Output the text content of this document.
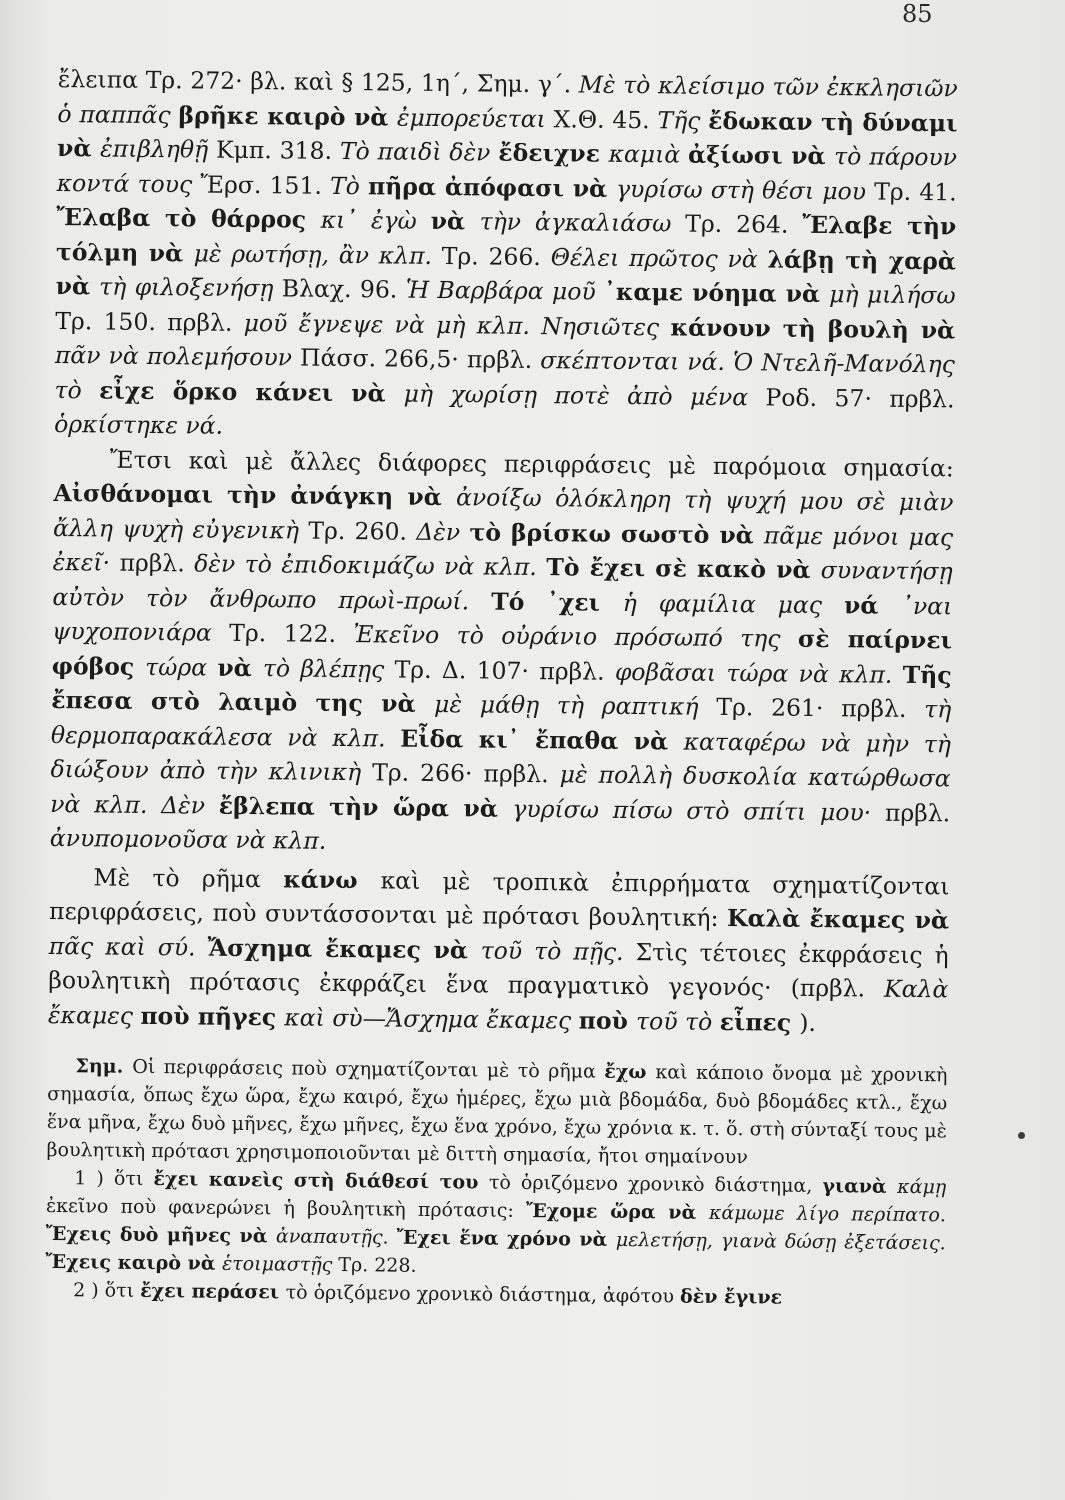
85

ἔλειπα Τρ. 272· βλ. καὶ § 125, 1η΄, Σημ. γ΄. Μὲ τὸ κλείσιμο τῶν ἐκκλησιῶν ὁ παππᾶς βρῆκε καιρὸ νὰ ἐμπορεύεται Χ.Θ. 45. Τῆς ἔδωκαν τὴ δύναμι νὰ ἐπιβληθῇ Κμπ. 318. Τὸ παιδὶ δὲν ἔδειχνε καμιὰ ἀξίωσι νὰ τὸ πάρουν κοντά τους Ἔρσ. 151. Τὸ πῆρα ἀπόφασι νὰ γυρίσω στὴ θέσι μου Τρ. 41. Ἔλαβα τὸ θάρρος κι᾿ ἐγὼ νὰ τὴν ἀγκαλιάσω Τρ. 264. Ἔλαβε τὴν τόλμη νὰ μὲ ρωτήσῃ, ἂν κλπ. Τρ. 266. Θέλει πρῶτος νὰ λάβῃ τὴ χαρὰ νὰ τὴ φιλοξενήσῃ Βλαχ. 96. Ἡ Βαρβάρα μοῦ ᾿καμε νόημα νὰ μὴ μιλήσω Τρ. 150. πρβλ. μοῦ ἔγνεψε νὰ μὴ κλπ. Νησιῶτες κάνουν τὴ βουλὴ νὰ πᾶν νὰ πολεμήσουν Πάσσ. 266,5· πρβλ. σκέπτονται νά. Ὁ Ντελῆ-Μανόλης τὸ εἶχε ὅρκο κάνει νὰ μὴ χωρίσῃ ποτὲ ἀπὸ μένα Ροδ. 57· πρβλ. ὁρκίστηκε νά.

Ἔτσι καὶ μὲ ἄλλες διάφορες περιφράσεις μὲ παρόμοια σημασία: Αἰσθάνομαι τὴν ἀνάγκη νὰ ἀνοίξω ὁλόκληρη τὴ ψυχή μου σὲ μιὰν ἄλλη ψυχὴ εὐγενικὴ Τρ. 260. Δὲν τὸ βρίσκω σωστὸ νὰ πᾶμε μόνοι μας ἐκεῖ· πρβλ. δὲν τὸ ἐπιδοκιμάζω νὰ κλπ. Τὸ ἔχει σὲ κακὸ νὰ συναντήσῃ αὐτὸν τὸν ἄνθρωπο πρωὶ-πρωί. Τό ᾿χει ἡ φαμίλια μας νά ᾿ναι ψυχοπονιάρα Τρ. 122. Ἐκεῖνο τὸ οὐράνιο πρόσωπό της σὲ παίρνει φόβος τώρα νὰ τὸ βλέπῃς Τρ. Δ. 107· πρβλ. φοβᾶσαι τώρα νὰ κλπ. Τῆς ἔπεσα στὸ λαιμὸ της νὰ μὲ μάθῃ τὴ ραπτική Τρ. 261· πρβλ. τὴ θερμοπαρακάλεσα νὰ κλπ. Εἶδα κι᾿ ἔπαθα νὰ καταφέρω νὰ μὴν τὴ διώξουν ἀπὸ τὴν κλινικὴ Τρ. 266· πρβλ. μὲ πολλὴ δυσκολία κατώρθωσα νὰ κλπ. Δὲν ἔβλεπα τὴν ὥρα νὰ γυρίσω πίσω στὸ σπίτι μου· πρβλ. ἀνυπομονοῦσα νὰ κλπ.

Μὲ τὸ ρῆμα κάνω καὶ μὲ τροπικὰ ἐπιρρήματα σχηματίζονται περιφράσεις, ποὺ συντάσσονται μὲ πρότασι βουλητική: Καλὰ ἔκαμες νὰ πᾶς καὶ σύ. Ἄσχημα ἔκαμες νὰ τοῦ τὸ πῇς. Στὶς τέτοιες ἐκφράσεις ἡ βουλητικὴ πρότασις ἐκφράζει ἕνα πραγματικὸ γεγονός· (πρβλ. Καλὰ ἔκαμες ποὺ πῆγες καὶ σὺ—Ἄσχημα ἔκαμες ποὺ τοῦ τὸ εἶπες ).

Σημ. Οἱ περιφράσεις ποὺ σχηματίζονται μὲ τὸ ρῆμα ἔχω καὶ κάποιο ὄνομα μὲ χρονικὴ σημασία, ὅπως ἔχω ὥρα, ἔχω καιρό, ἔχω ἡμέρες, ἔχω μιὰ βδομάδα, δυὸ βδομάδες κτλ., ἔχω ἕνα μῆνα, ἔχω δυὸ μῆνες, ἔχω μῆνες, ἔχω ἕνα χρόνο, ἔχω χρόνια κ. τ. ὅ. στὴ σύνταξί τους μὲ βουλητικὴ πρότασι χρησιμοποιοῦνται μὲ διττὴ σημασία, ἤτοι σημαίνουν

1 ) ὅτι ἔχει κανεὶς στὴ διάθεσί του τὸ ὁριζόμενο χρονικὸ διάστημα, γιανὰ κάμῃ ἐκεῖνο ποὺ φανερώνει ἡ βουλητικὴ πρότασις: Ἔχομε ὥρα νὰ κάμωμε λίγο περίπατο. Ἔχεις δυὸ μῆνες νὰ ἀναπαυτῇς. Ἔχει ἕνα χρόνο νὰ μελετήσῃ, γιανὰ δώσῃ ἐξετάσεις. Ἔχεις καιρὸ νὰ ἑτοιμαστῇς Τρ. 228.

2 ) ὅτι ἔχει περάσει τὸ ὁριζόμενο χρονικὸ διάστημα, ἀφότου δὲν ἔγινε
